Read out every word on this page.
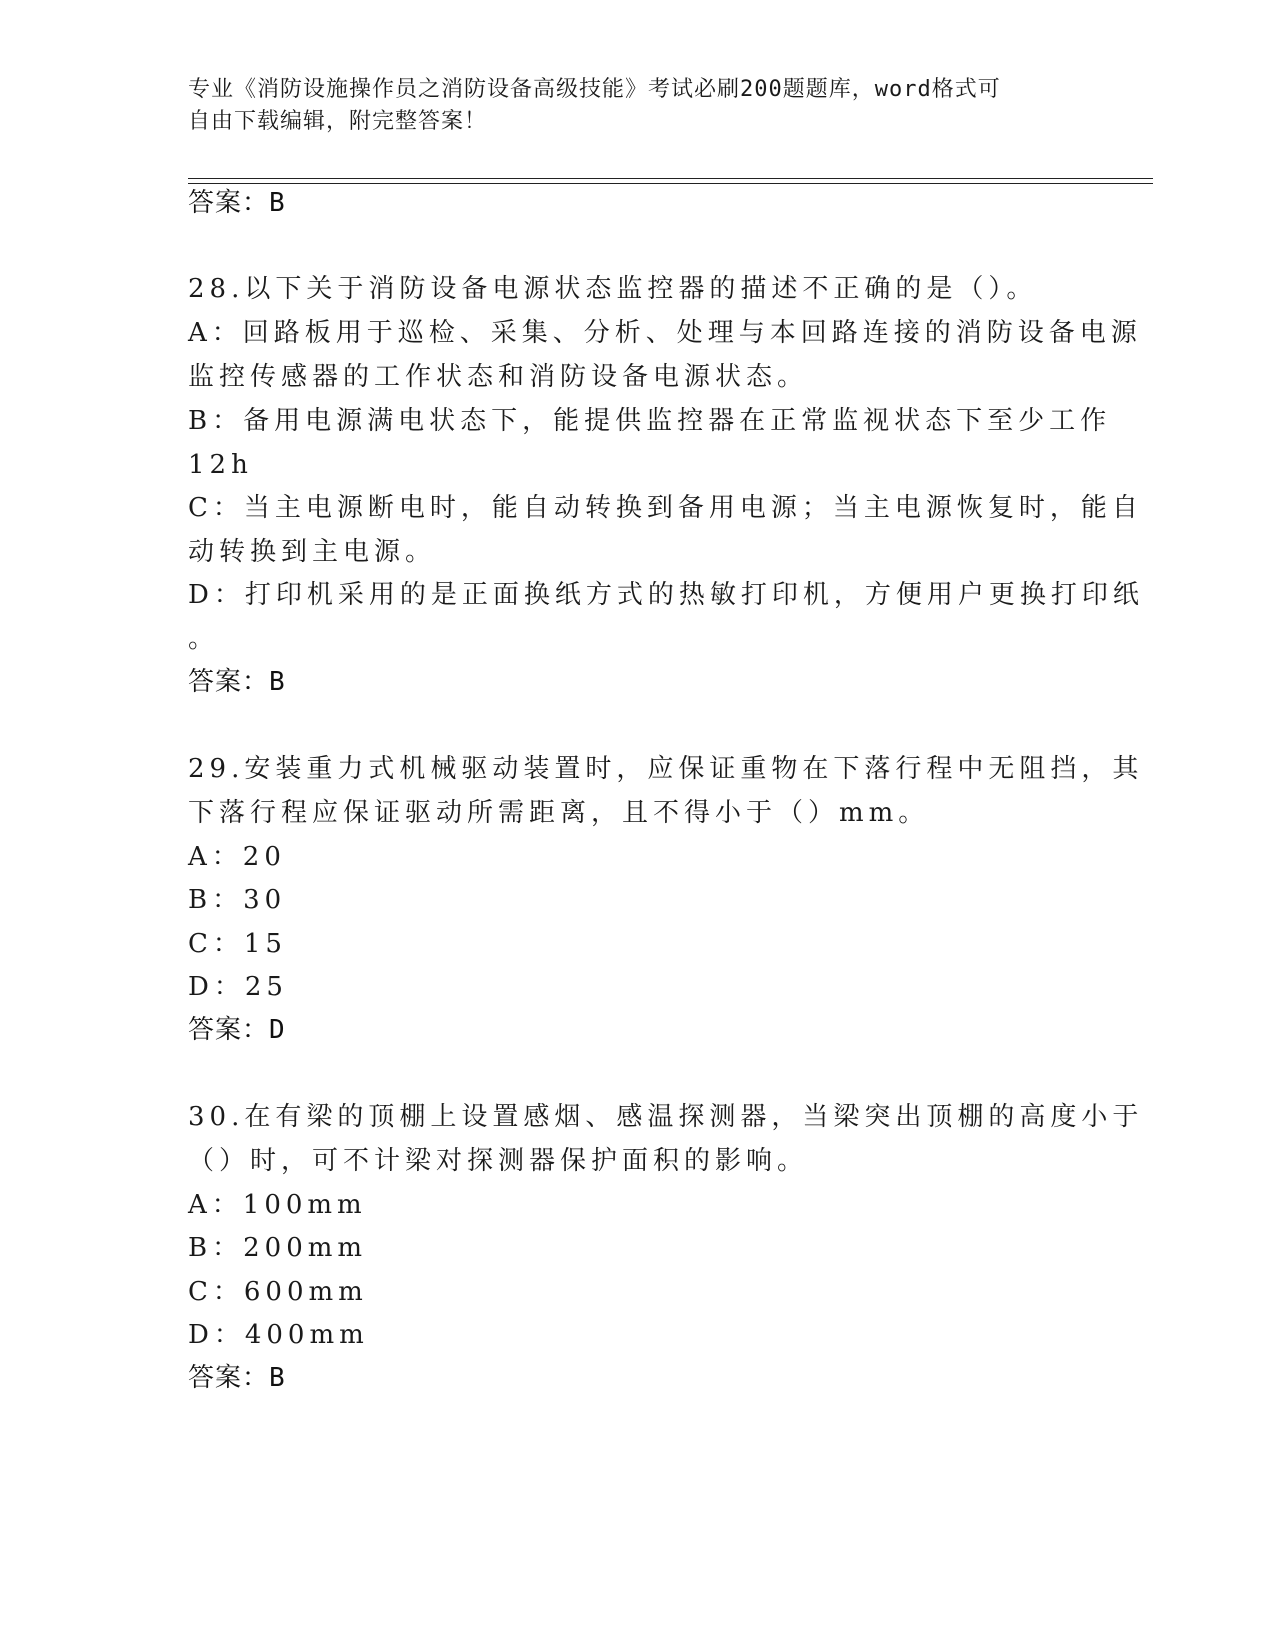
专业《消防设施操作员之消防设备高级技能》考试必刷200题题库，word格式可
自由下载编辑，附完整答案！
答案：B
28.以下关于消防设备电源状态监控器的描述不正确的是（）。
A：回路板用于巡检、采集、分析、处理与本回路连接的消防设备电源
监控传感器的工作状态和消防设备电源状态。
B：备用电源满电状态下，能提供监控器在正常监视状态下至少工作
12h
C：当主电源断电时，能自动转换到备用电源；当主电源恢复时，能自
动转换到主电源。
D：打印机采用的是正面换纸方式的热敏打印机，方便用户更换打印纸
。
答案：B
29.安装重力式机械驱动装置时，应保证重物在下落行程中无阻挡，其
下落行程应保证驱动所需距离，且不得小于（）mm。
A：20
B：30
C：15
D：25
答案：D
30.在有梁的顶棚上设置感烟、感温探测器，当梁突出顶棚的高度小于
（）时，可不计梁对探测器保护面积的影响。
A：100mm
B：200mm
C：600mm
D：400mm
答案：B
